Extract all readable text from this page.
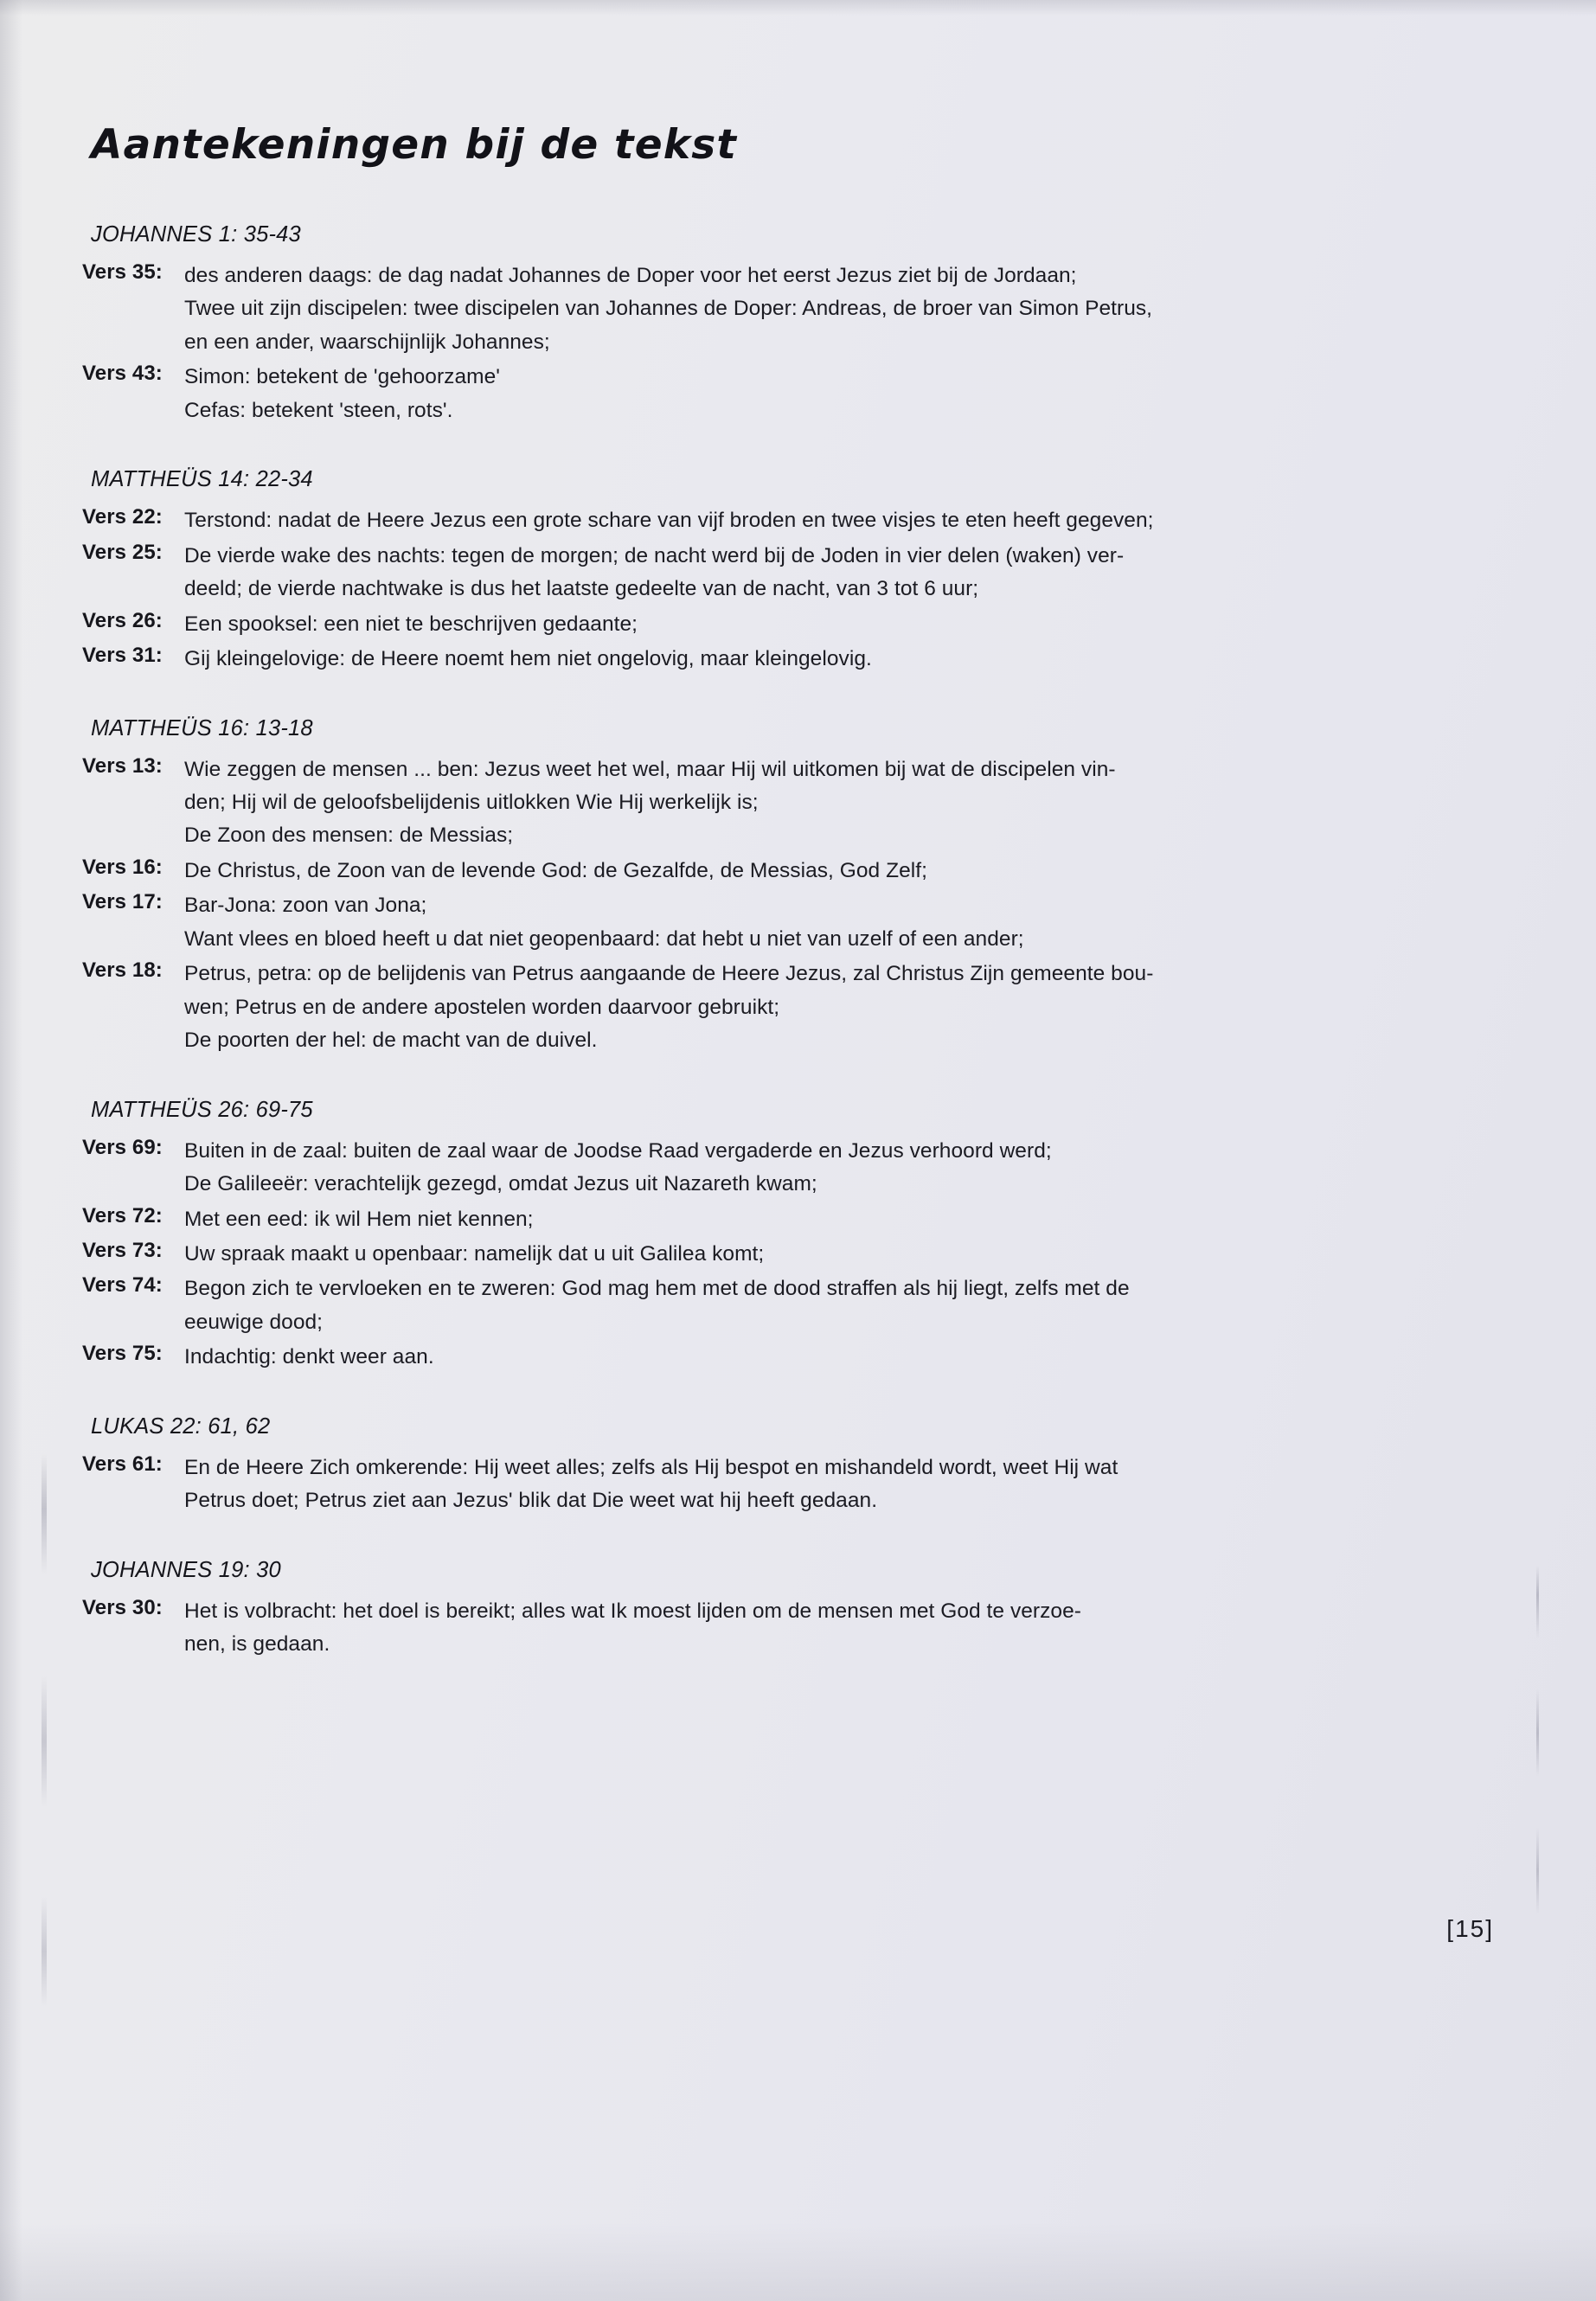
Aantekeningen bij de tekst
JOHANNES 1: 35-43
Vers 35:	des anderen daags: de dag nadat Johannes de Doper voor het eerst Jezus ziet bij de Jordaan;
Twee uit zijn discipelen: twee discipelen van Johannes de Doper: Andreas, de broer van Simon Petrus,
en een ander, waarschijnlijk Johannes;
Vers 43:	Simon: betekent de 'gehoorzame'
Cefas: betekent 'steen, rots'.
MATTHEÜS 14: 22-34
Vers 22:	Terstond: nadat de Heere Jezus een grote schare van vijf broden en twee visjes te eten heeft gegeven;
Vers 25:	De vierde wake des nachts: tegen de morgen; de nacht werd bij de Joden in vier delen (waken) ver-
deeld; de vierde nachtwake is dus het laatste gedeelte van de nacht, van 3 tot 6 uur;
Vers 26:	Een spooksel: een niet te beschrijven gedaante;
Vers 31:	Gij kleingelovige: de Heere noemt hem niet ongelovig, maar kleingelovig.
MATTHEÜS 16: 13-18
Vers 13:	Wie zeggen de mensen ... ben: Jezus weet het wel, maar Hij wil uitkomen bij wat de discipelen vin-
den; Hij wil de geloofsbelijdenis uitlokken Wie Hij werkelijk is;
De Zoon des mensen: de Messias;
Vers 16:	De Christus, de Zoon van de levende God: de Gezalfde, de Messias, God Zelf;
Vers 17:	Bar-Jona: zoon van Jona;
Want vlees en bloed heeft u dat niet geopenbaard: dat hebt u niet van uzelf of een ander;
Vers 18:	Petrus, petra: op de belijdenis van Petrus aangaande de Heere Jezus, zal Christus Zijn gemeente bou-
wen; Petrus en de andere apostelen worden daarvoor gebruikt;
De poorten der hel: de macht van de duivel.
MATTHEÜS 26: 69-75
Vers 69:	Buiten in de zaal: buiten de zaal waar de Joodse Raad vergaderde en Jezus verhoord werd;
De Galileeër: verachtelijk gezegd, omdat Jezus uit Nazareth kwam;
Vers 72:	Met een eed: ik wil Hem niet kennen;
Vers 73:	Uw spraak maakt u openbaar: namelijk dat u uit Galilea komt;
Vers 74:	Begon zich te vervloeken en te zweren: God mag hem met de dood straffen als hij liegt, zelfs met de
eeuwige dood;
Vers 75:	Indachtig: denkt weer aan.
LUKAS 22: 61, 62
Vers 61:	En de Heere Zich omkerende: Hij weet alles; zelfs als Hij bespot en mishandeld wordt, weet Hij wat
Petrus doet; Petrus ziet aan Jezus' blik dat Die weet wat hij heeft gedaan.
JOHANNES 19: 30
Vers 30:	Het is volbracht: het doel is bereikt; alles wat Ik moest lijden om de mensen met God te verzoe-
nen, is gedaan.
[15]
